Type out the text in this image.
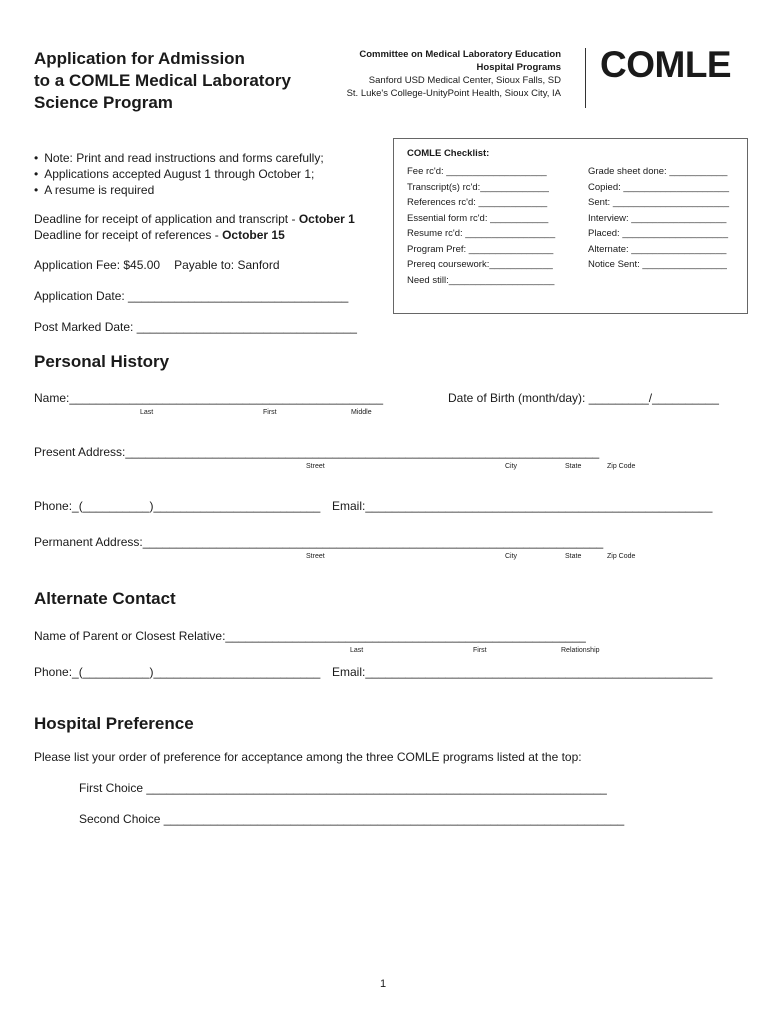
Application for Admission
to a COMLE Medical Laboratory
Science Program
Committee on Medical Laboratory Education
Hospital Programs
Sanford USD Medical Center, Sioux Falls, SD
St. Luke's College-UnityPoint Health, Sioux City, IA
COMLE
• Note: Print and read instructions and forms carefully;
• Applications accepted August 1 through October 1;
• A resume is required
Deadline for receipt of application and transcript - October 1
Deadline for receipt of references - October 15
Application Fee: $45.00 Payable to: Sanford
Application Date: _________________________________
Post Marked Date: _________________________________
COMLE Checklist:
Fee rc'd: ___________________
Transcript(s) rc'd:_____________
References rc'd: _____________
Essential form rc'd: ___________
Resume rc'd: _________________
Program Pref: ________________
Prereq coursework:____________
Need still:____________________
Grade sheet done: ___________
Copied: ____________________
Sent: ______________________
Interview: __________________
Placed: ____________________
Alternate: __________________
Notice Sent: ________________
Personal History
Name:_______________________________________________	Date of Birth (month/day): _________/__________
Last	First	Middle
Present Address:_______________________________________________________________________
Street	City	State	Zip Code
Phone:_(__________)_________________________ Email:____________________________________________________
Permanent Address:_____________________________________________________________________
Street	City	State	Zip Code
Alternate Contact
Name of Parent or Closest Relative:______________________________________________________
Last	First	Relationship
Phone:_(__________)_________________________ Email:____________________________________________________
Hospital Preference
Please list your order of preference for acceptance among the three COMLE programs listed at the top:
First Choice _____________________________________________________________________
Second Choice _____________________________________________________________________
1
